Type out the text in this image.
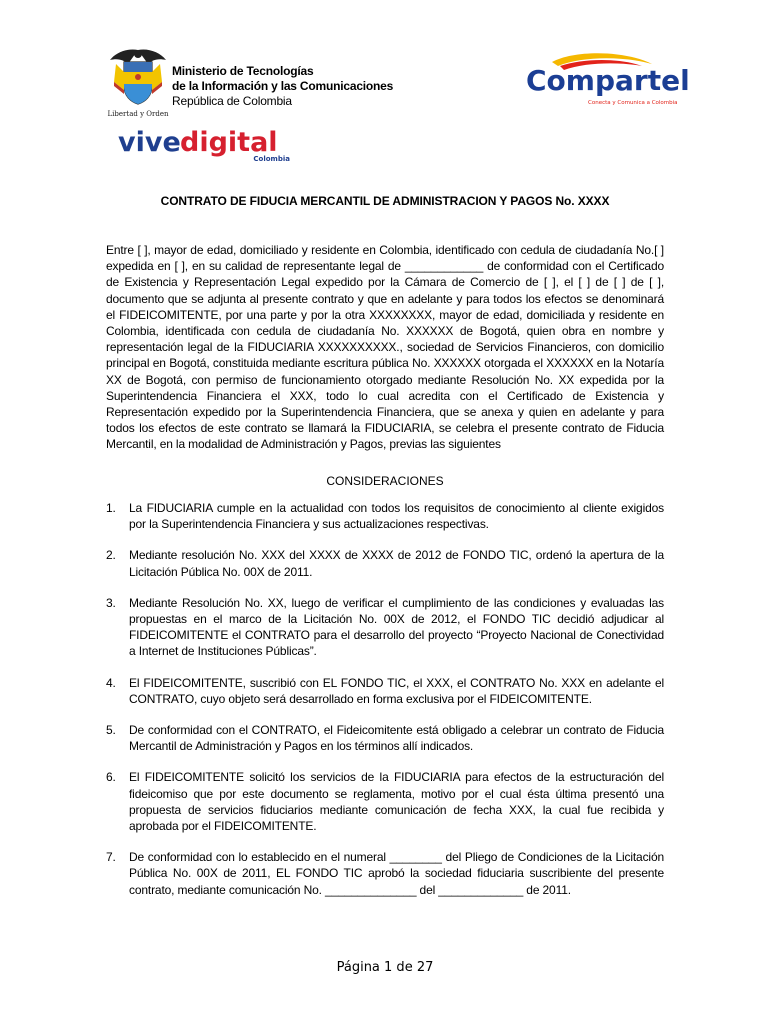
Libertad y Orden
Ministerio de Tecnologías
de la Información y las Comunicaciones
República de Colombia
vive digital
Colombia
Compartel
Conecta y Comunica a Colombia
CONTRATO DE FIDUCIA MERCANTIL DE ADMINISTRACION Y PAGOS No. XXXX
Entre [ ], mayor de edad, domiciliado y residente en Colombia, identificado con cedula de ciudadanía No.[ ] expedida en [ ], en su calidad de representante legal de ____________ de conformidad con el Certificado de Existencia y Representación Legal expedido por la Cámara de Comercio de [ ], el [ ] de [ ] de [ ], documento que se adjunta al presente contrato y que en adelante y para todos los efectos se denominará el FIDEICOMITENTE, por una parte y por la otra XXXXXXXX, mayor de edad, domiciliada y residente en Colombia, identificada con cedula de ciudadanía No. XXXXXX de Bogotá, quien obra en nombre y representación legal de la FIDUCIARIA XXXXXXXXXX., sociedad de Servicios Financieros, con domicilio principal en Bogotá, constituida mediante escritura pública No. XXXXXX otorgada el XXXXXX en la Notaría XX de Bogotá, con permiso de funcionamiento otorgado mediante Resolución No. XX expedida por la Superintendencia Financiera el XXX, todo lo cual acredita con el Certificado de Existencia y Representación expedido por la Superintendencia Financiera, que se anexa y quien en adelante y para todos los efectos de este contrato se llamará la FIDUCIARIA, se celebra el presente contrato de Fiducia Mercantil, en la modalidad de Administración y Pagos, previas las siguientes
CONSIDERACIONES
1. La FIDUCIARIA cumple en la actualidad con todos los requisitos de conocimiento al cliente exigidos por la Superintendencia Financiera y sus actualizaciones respectivas.
2. Mediante resolución No. XXX del XXXX de XXXX de 2012 de FONDO TIC, ordenó la apertura de la Licitación Pública No. 00X de 2011.
3. Mediante Resolución No. XX, luego de verificar el cumplimiento de las condiciones y evaluadas las propuestas en el marco de la Licitación No. 00X de 2012, el FONDO TIC decidió adjudicar al FIDEICOMITENTE el CONTRATO para el desarrollo del proyecto “Proyecto Nacional de Conectividad a Internet de Instituciones Públicas”.
4. El FIDEICOMITENTE, suscribió con EL FONDO TIC, el XXX, el CONTRATO No. XXX en adelante el CONTRATO, cuyo objeto será desarrollado en forma exclusiva por el FIDEICOMITENTE.
5. De conformidad con el CONTRATO, el Fideicomitente está obligado a celebrar un contrato de Fiducia Mercantil de Administración y Pagos en los términos allí indicados.
6. El FIDEICOMITENTE solicitó los servicios de la FIDUCIARIA para efectos de la estructuración del fideicomiso que por este documento se reglamenta, motivo por el cual ésta última presentó una propuesta de servicios fiduciarios mediante comunicación de fecha XXX, la cual fue recibida y aprobada por el FIDEICOMITENTE.
7. De conformidad con lo establecido en el numeral ________ del Pliego de Condiciones de la Licitación Pública No. 00X de 2011, EL FONDO TIC aprobó la sociedad fiduciaria suscribiente del presente contrato, mediante comunicación No. ______________ del _____________ de 2011.
Página 1 de 27
